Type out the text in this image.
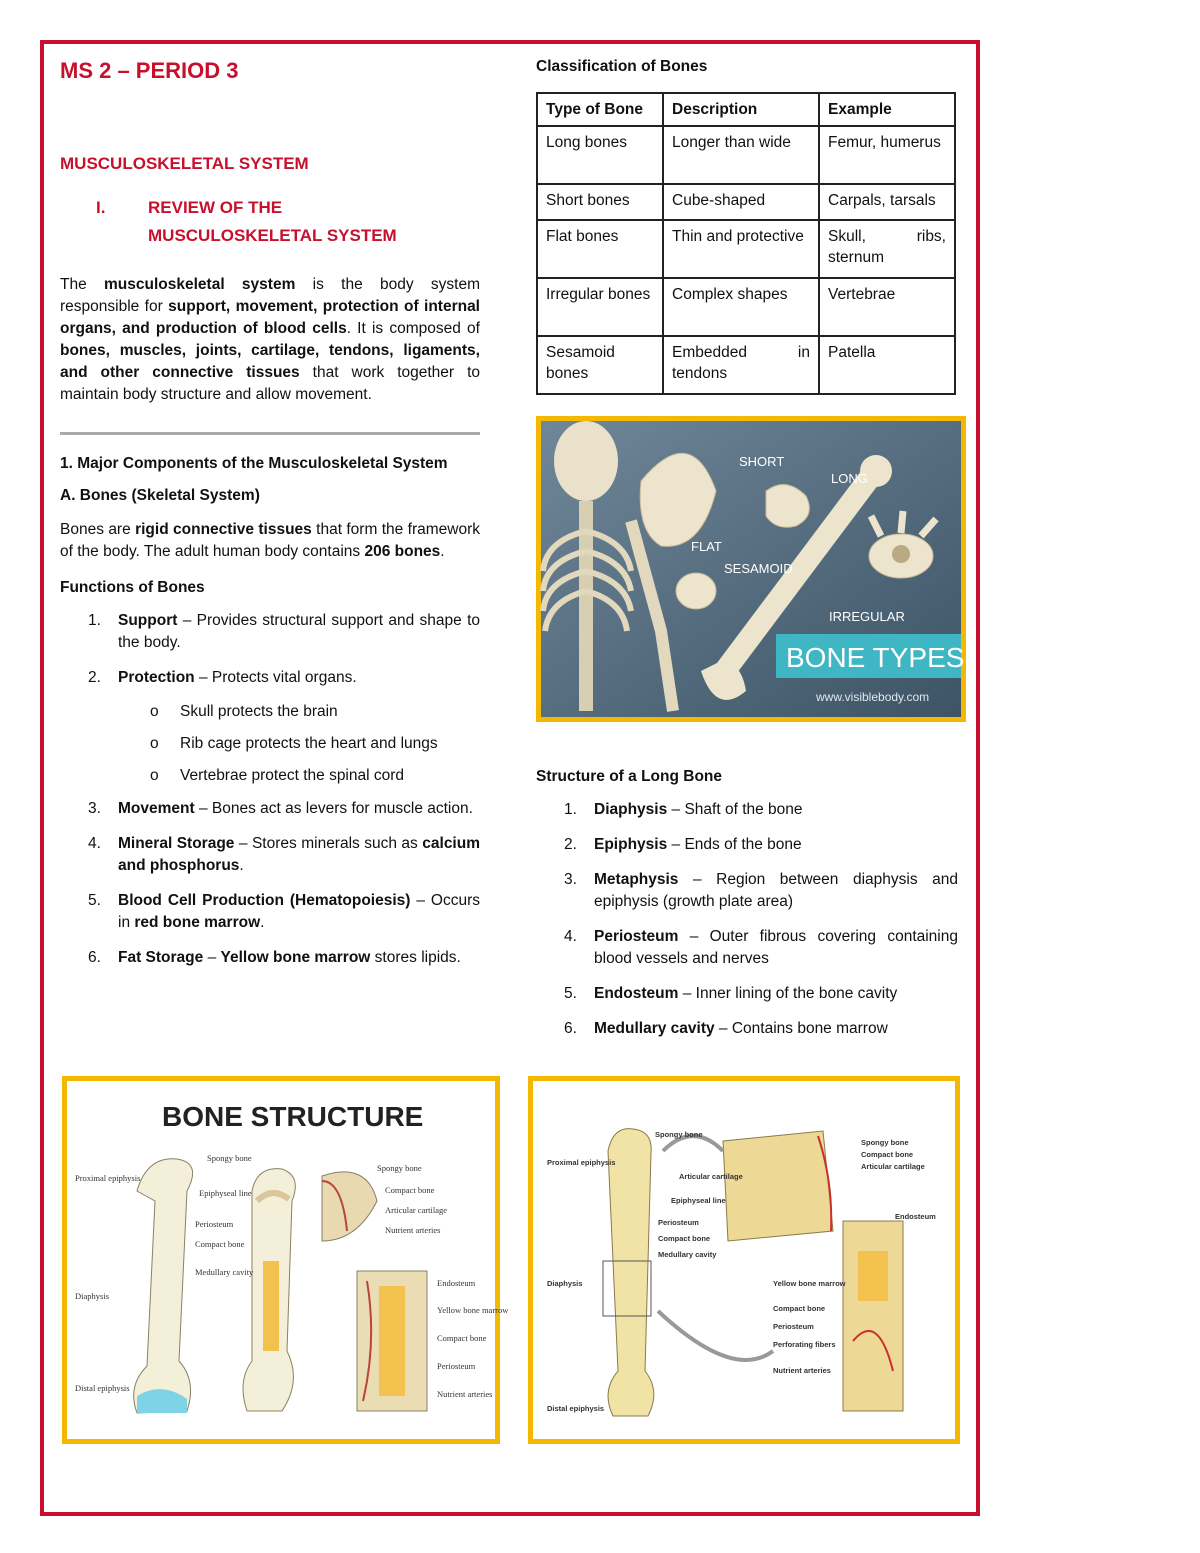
MS 2 – PERIOD 3
MUSCULOSKELETAL SYSTEM
I.	REVIEW OF THE
MUSCULOSKELETAL SYSTEM

The musculoskeletal system is the body system responsible for support, movement, protection of internal organs, and production of blood cells. It is composed of bones, muscles, joints, cartilage, tendons, ligaments, and other connective tissues that work together to maintain body structure and allow movement.

1. Major Components of the Musculoskeletal System

A. Bones (Skeletal System)

Bones are rigid connective tissues that form the framework of the body. The adult human body contains 206 bones.

Functions of Bones

1.	Support – Provides structural support and shape to the body.
2.	Protection – Protects vital organs.
o	Skull protects the brain
o	Rib cage protects the heart and lungs
o	Vertebrae protect the spinal cord
3.	Movement – Bones act as levers for muscle action.
4.	Mineral Storage – Stores minerals such as calcium and phosphorus.
5.	Blood Cell Production (Hematopoiesis) – Occurs in red bone marrow.
6.	Fat Storage – Yellow bone marrow stores lipids.

Classification of Bones

Type of Bone	Description	Example
Long bones	Longer than wide	Femur, humerus
Short bones	Cube-shaped	Carpals, tarsals
Flat bones	Thin and protective	Skull, ribs, sternum
Irregular bones	Complex shapes	Vertebrae
Sesamoid bones	Embedded in tendons	Patella
SHORT
LONG
FLAT
SESAMOID
IRREGULAR
BONE TYPES
www.visiblebody.com

Structure of a Long Bone

1.	Diaphysis – Shaft of the bone
2.	Epiphysis – Ends of the bone
3.	Metaphysis – Region between diaphysis and epiphysis (growth plate area)
4.	Periosteum – Outer fibrous covering containing blood vessels and nerves
5.	Endosteum – Inner lining of the bone cavity
6.	Medullary cavity – Contains bone marrow
BONE STRUCTURE
Proximal epiphysis
Diaphysis
Distal epiphysis
Spongy bone
Epiphyseal line
Periosteum
Compact bone
Medullary cavity
Spongy bone
Compact bone
Articular cartilage
Nutrient arteries
Endosteum
Yellow bone marrow
Compact bone
Periosteum
Nutrient arteries
Proximal epiphysis
Diaphysis
Distal epiphysis
Spongy bone
Articular cartilage
Epiphyseal line
Periosteum
Compact bone
Medullary cavity
Spongy bone
Compact bone
Articular cartilage
Endosteum
Yellow bone marrow
Compact bone
Periosteum
Perforating fibers
Nutrient arteries
